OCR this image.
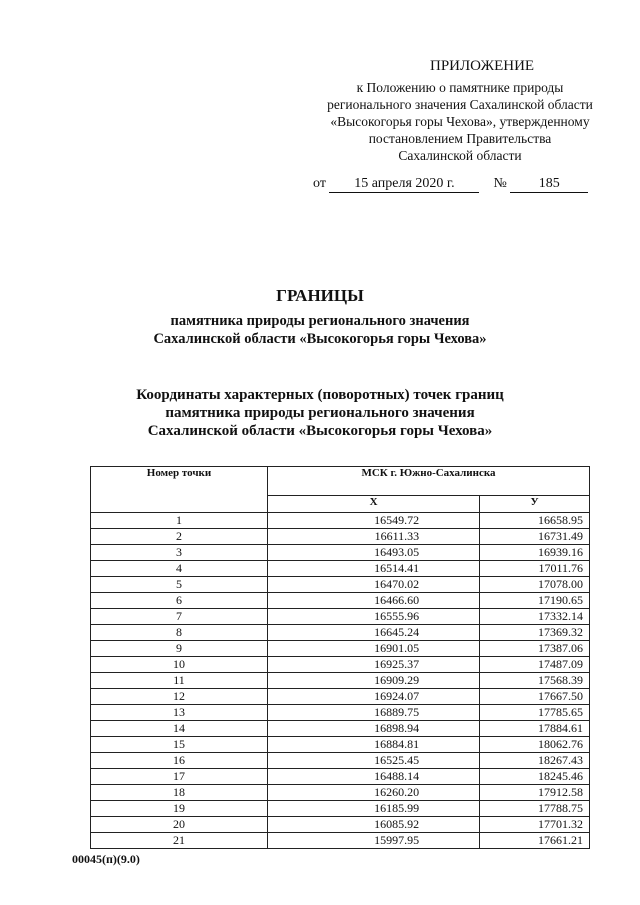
ПРИЛОЖЕНИЕ
к Положению о памятнике природы
регионального значения Сахалинской области
«Высокогорья горы Чехова», утвержденному
постановлением Правительства
Сахалинской области
от 15 апреля 2020 г.	№ 185
ГРАНИЦЫ
памятника природы регионального значения
Сахалинской области «Высокогорья горы Чехова»
Координаты характерных (поворотных) точек границ
памятника природы регионального значения
Сахалинской области «Высокогорья горы Чехова»
Номер точки	МСК г. Южно-Сахалинска	
	Х	У
1	16549.72	16658.95
2	16611.33	16731.49
3	16493.05	16939.16
4	16514.41	17011.76
5	16470.02	17078.00
6	16466.60	17190.65
7	16555.96	17332.14
8	16645.24	17369.32
9	16901.05	17387.06
10	16925.37	17487.09
11	16909.29	17568.39
12	16924.07	17667.50
13	16889.75	17785.65
14	16898.94	17884.61
15	16884.81	18062.76
16	16525.45	18267.43
17	16488.14	18245.46
18	16260.20	17912.58
19	16185.99	17788.75
20	16085.92	17701.32
21	15997.95	17661.21
00045(п)(9.0)
